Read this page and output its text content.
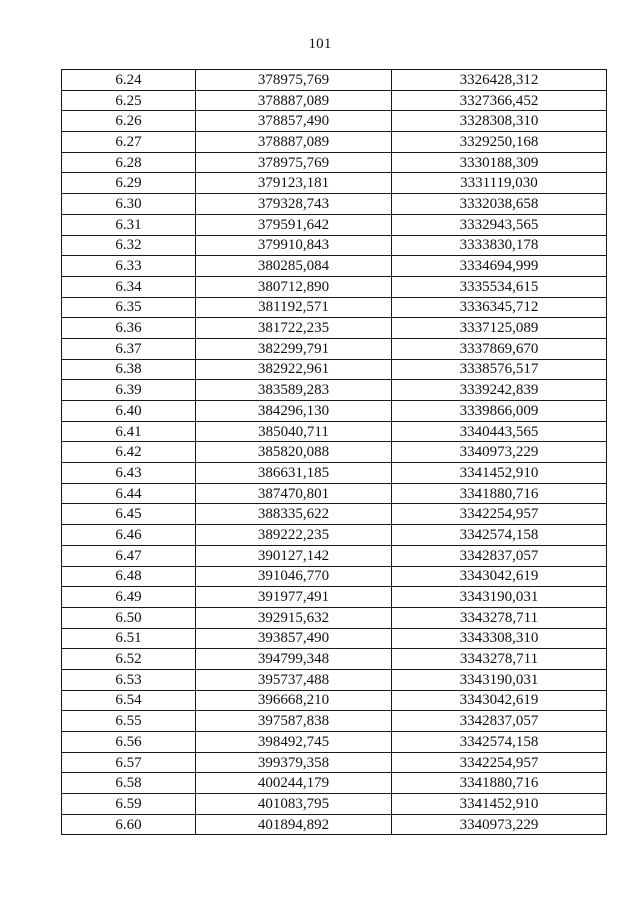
101
6.24	378975,769	3326428,312
6.25	378887,089	3327366,452
6.26	378857,490	3328308,310
6.27	378887,089	3329250,168
6.28	378975,769	3330188,309
6.29	379123,181	3331119,030
6.30	379328,743	3332038,658
6.31	379591,642	3332943,565
6.32	379910,843	3333830,178
6.33	380285,084	3334694,999
6.34	380712,890	3335534,615
6.35	381192,571	3336345,712
6.36	381722,235	3337125,089
6.37	382299,791	3337869,670
6.38	382922,961	3338576,517
6.39	383589,283	3339242,839
6.40	384296,130	3339866,009
6.41	385040,711	3340443,565
6.42	385820,088	3340973,229
6.43	386631,185	3341452,910
6.44	387470,801	3341880,716
6.45	388335,622	3342254,957
6.46	389222,235	3342574,158
6.47	390127,142	3342837,057
6.48	391046,770	3343042,619
6.49	391977,491	3343190,031
6.50	392915,632	3343278,711
6.51	393857,490	3343308,310
6.52	394799,348	3343278,711
6.53	395737,488	3343190,031
6.54	396668,210	3343042,619
6.55	397587,838	3342837,057
6.56	398492,745	3342574,158
6.57	399379,358	3342254,957
6.58	400244,179	3341880,716
6.59	401083,795	3341452,910
6.60	401894,892	3340973,229
